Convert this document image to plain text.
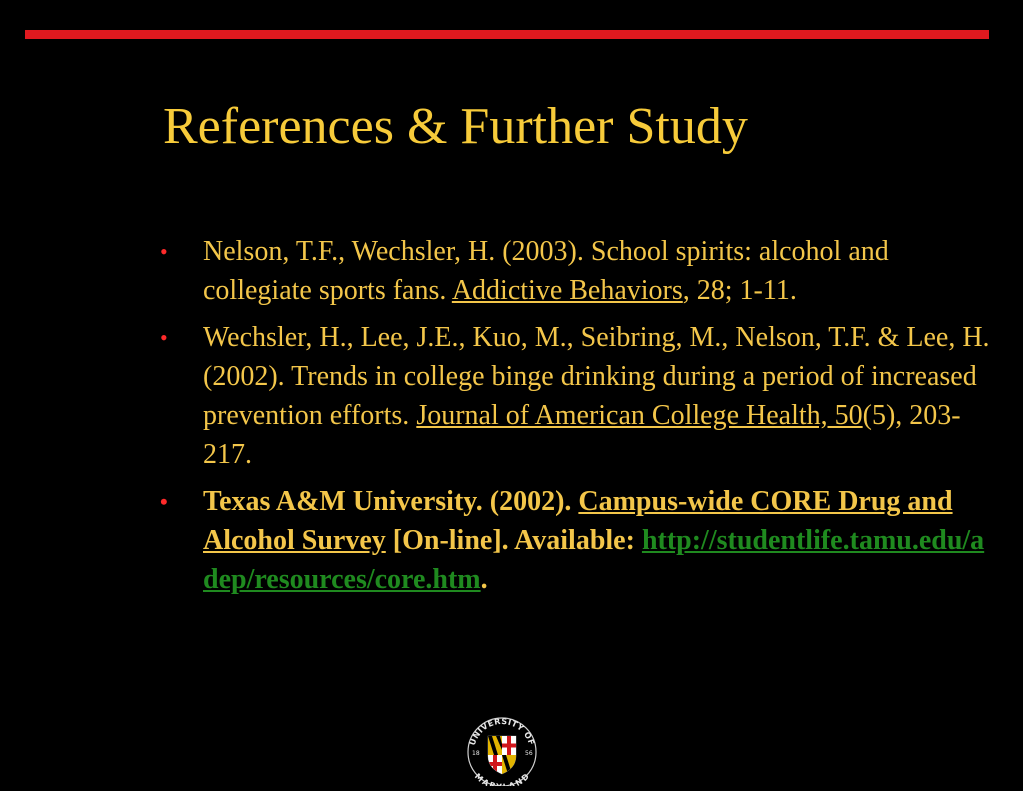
References & Further Study
• Nelson, T.F., Wechsler, H. (2003). School spirits: alcohol and collegiate sports fans. Addictive Behaviors, 28; 1-11.
• Wechsler, H., Lee, J.E., Kuo, M., Seibring, M., Nelson, T.F. & Lee, H. (2002). Trends in college binge drinking during a period of increased prevention efforts. Journal of American College Health, 50(5), 203-217.
• Texas A&M University. (2002). Campus-wide CORE Drug and Alcohol Survey [On-line]. Available: http://studentlife.tamu.edu/adep/resources/core.htm.
UNIVERSITY OF
MAR AND
18	56
